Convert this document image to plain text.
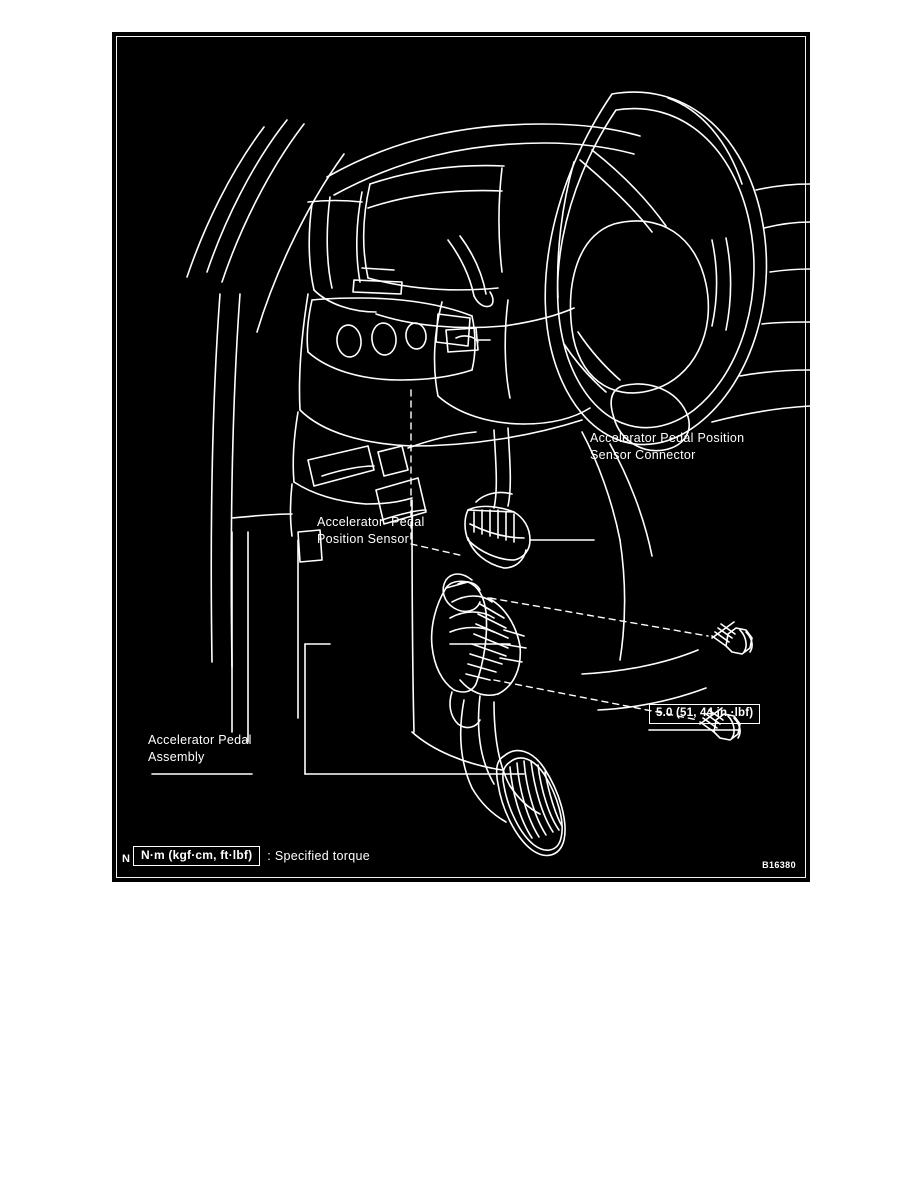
Accelerator Pedal Position
Sensor Connector
Accelerator  Pedal
Position Sensor
Accelerator Pedal
Assembly
5.0 (51, 44 in.·lbf)
N N·m (kgf·cm, ft·lbf)	: Specified torque
B16380
